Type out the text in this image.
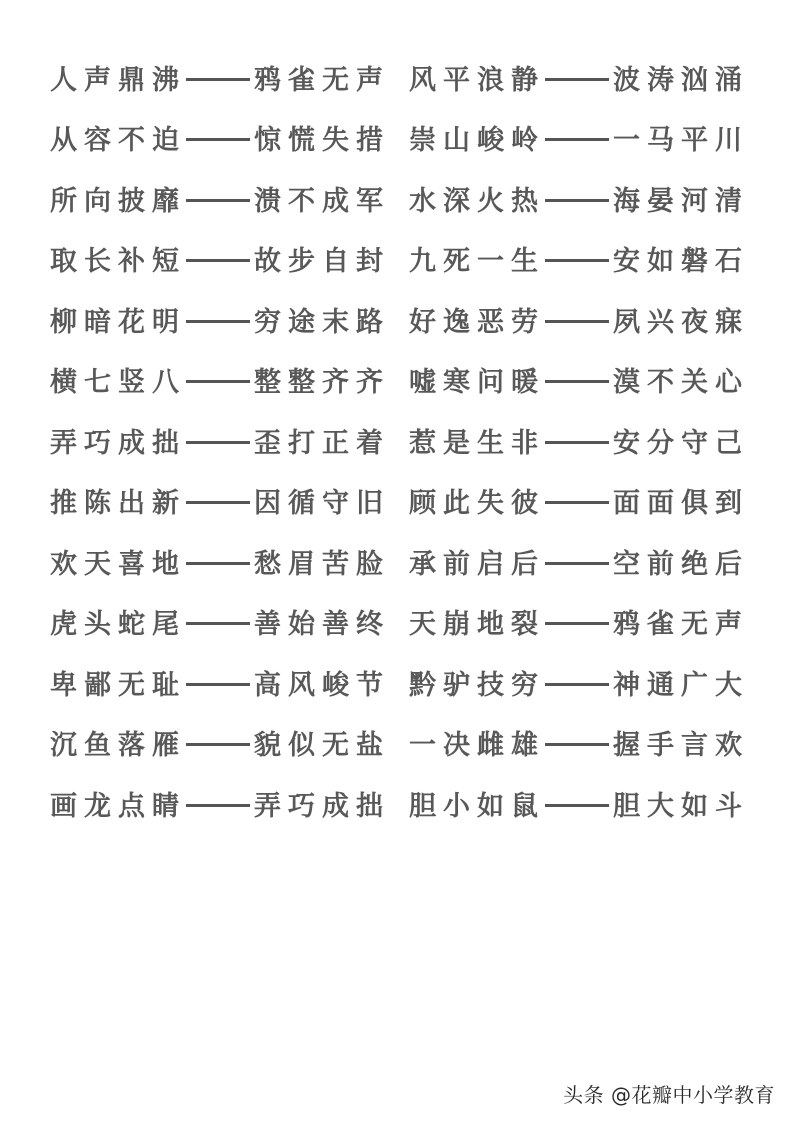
人声鼎沸	鸦雀无声 风平浪静	波涛汹涌
从容不迫	惊慌失措 崇山峻岭	一马平川
所向披靡	溃不成军 水深火热	海晏河清
取长补短	故步自封 九死一生	安如磐石
柳暗花明	穷途末路 好逸恶劳	夙兴夜寐
横七竖八	整整齐齐 嘘寒问暖	漠不关心
弄巧成拙	歪打正着 惹是生非	安分守己
推陈出新	因循守旧 顾此失彼	面面俱到
欢天喜地	愁眉苦脸 承前启后	空前绝后
虎头蛇尾	善始善终 天崩地裂	鸦雀无声
卑鄙无耻	高风峻节 黔驴技穷	神通广大
沉鱼落雁	貌似无盐 一决雌雄	握手言欢
画龙点睛	弄巧成拙 胆小如鼠	胆大如斗
头条 @花瓣中小学教育
